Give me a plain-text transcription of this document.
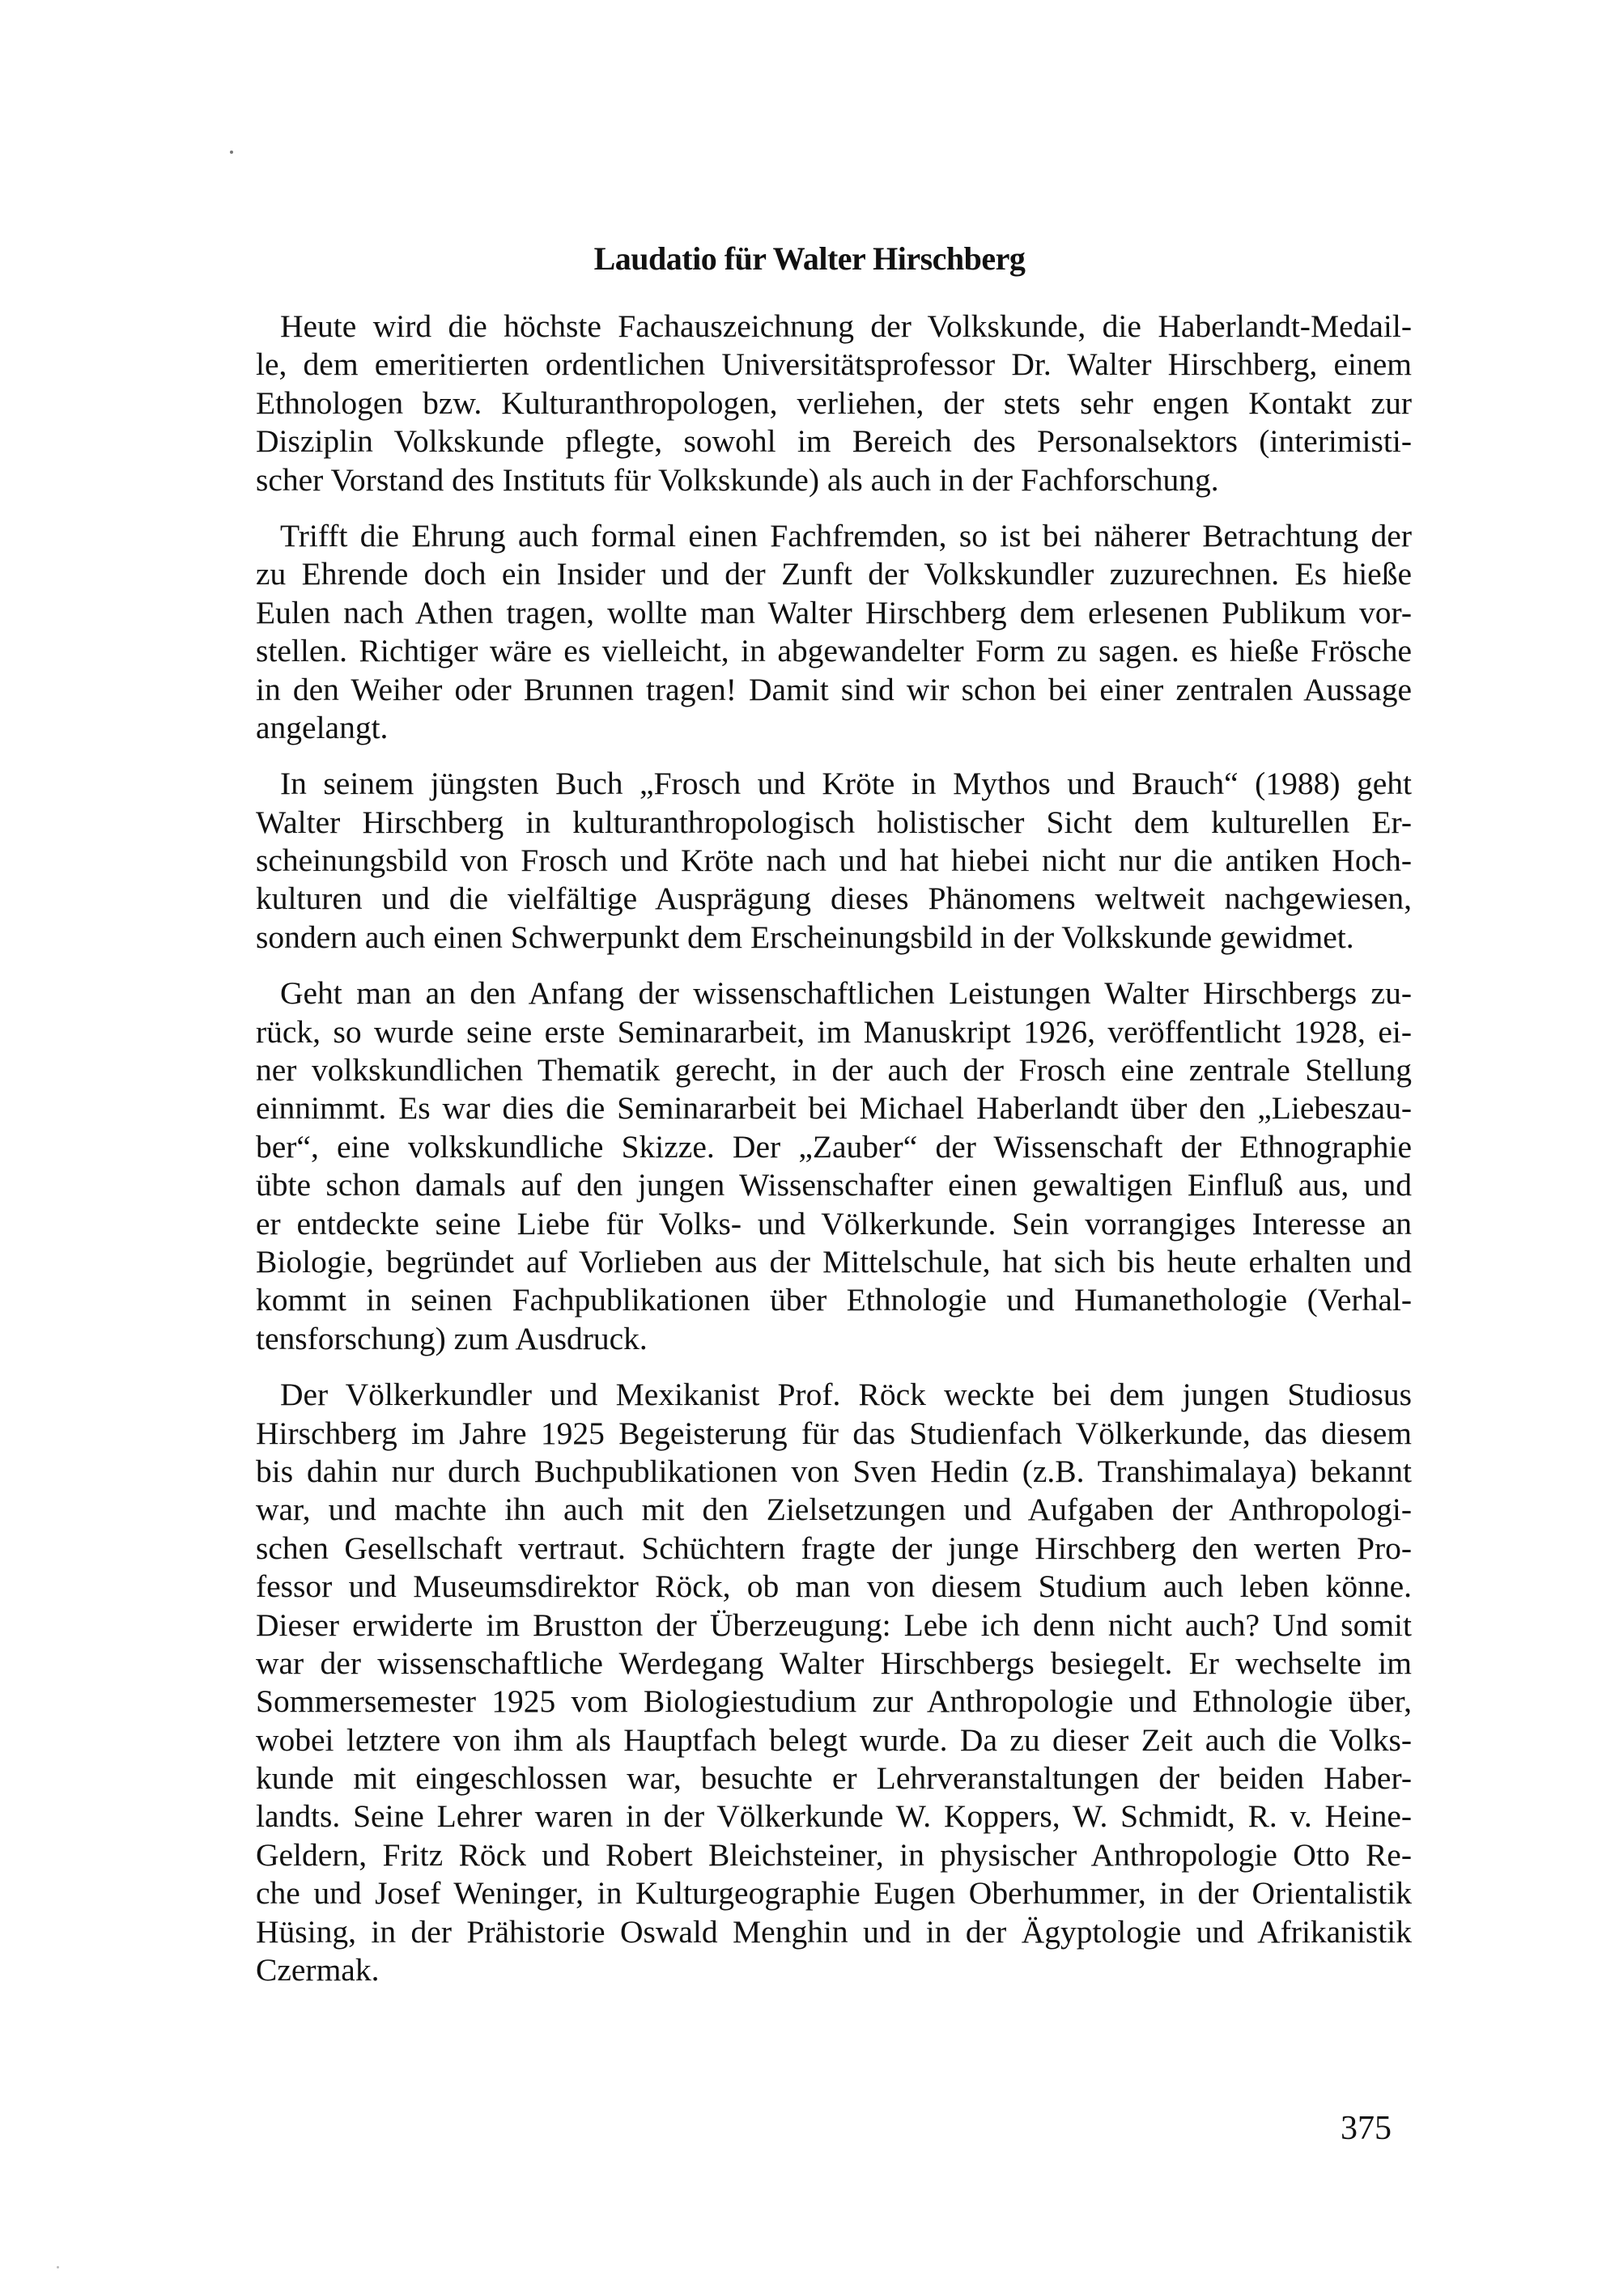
Laudatio für Walter Hirschberg
Heute wird die höchste Fachauszeichnung der Volkskunde, die Haberlandt-Medail-
le, dem emeritierten ordentlichen Universitätsprofessor Dr. Walter Hirschberg, einem
Ethnologen bzw. Kulturanthropologen, verliehen, der stets sehr engen Kontakt zur
Disziplin Volkskunde pflegte, sowohl im Bereich des Personalsektors (interimisti-
scher Vorstand des Instituts für Volkskunde) als auch in der Fachforschung.
Trifft die Ehrung auch formal einen Fachfremden, so ist bei näherer Betrachtung der
zu Ehrende doch ein Insider und der Zunft der Volkskundler zuzurechnen. Es hieße
Eulen nach Athen tragen, wollte man Walter Hirschberg dem erlesenen Publikum vor-
stellen. Richtiger wäre es vielleicht, in abgewandelter Form zu sagen. es hieße Frösche
in den Weiher oder Brunnen tragen! Damit sind wir schon bei einer zentralen Aussage
angelangt.
In seinem jüngsten Buch „Frosch und Kröte in Mythos und Brauch“ (1988) geht
Walter Hirschberg in kulturanthropologisch holistischer Sicht dem kulturellen Er-
scheinungsbild von Frosch und Kröte nach und hat hiebei nicht nur die antiken Hoch-
kulturen und die vielfältige Ausprägung dieses Phänomens weltweit nachgewiesen,
sondern auch einen Schwerpunkt dem Erscheinungsbild in der Volkskunde gewidmet.
Geht man an den Anfang der wissenschaftlichen Leistungen Walter Hirschbergs zu-
rück, so wurde seine erste Seminararbeit, im Manuskript 1926, veröffentlicht 1928, ei-
ner volkskundlichen Thematik gerecht, in der auch der Frosch eine zentrale Stellung
einnimmt. Es war dies die Seminararbeit bei Michael Haberlandt über den „Liebeszau-
ber“, eine volkskundliche Skizze. Der „Zauber“ der Wissenschaft der Ethnographie
übte schon damals auf den jungen Wissenschafter einen gewaltigen Einfluß aus, und
er entdeckte seine Liebe für Volks- und Völkerkunde. Sein vorrangiges Interesse an
Biologie, begründet auf Vorlieben aus der Mittelschule, hat sich bis heute erhalten und
kommt in seinen Fachpublikationen über Ethnologie und Humanethologie (Verhal-
tensforschung) zum Ausdruck.
Der Völkerkundler und Mexikanist Prof. Röck weckte bei dem jungen Studiosus
Hirschberg im Jahre 1925 Begeisterung für das Studienfach Völkerkunde, das diesem
bis dahin nur durch Buchpublikationen von Sven Hedin (z.B. Transhimalaya) bekannt
war, und machte ihn auch mit den Zielsetzungen und Aufgaben der Anthropologi-
schen Gesellschaft vertraut. Schüchtern fragte der junge Hirschberg den werten Pro-
fessor und Museumsdirektor Röck, ob man von diesem Studium auch leben könne.
Dieser erwiderte im Brustton der Überzeugung: Lebe ich denn nicht auch? Und somit
war der wissenschaftliche Werdegang Walter Hirschbergs besiegelt. Er wechselte im
Sommersemester 1925 vom Biologiestudium zur Anthropologie und Ethnologie über,
wobei letztere von ihm als Hauptfach belegt wurde. Da zu dieser Zeit auch die Volks-
kunde mit eingeschlossen war, besuchte er Lehrveranstaltungen der beiden Haber-
landts. Seine Lehrer waren in der Völkerkunde W. Koppers, W. Schmidt, R. v. Heine-
Geldern, Fritz Röck und Robert Bleichsteiner, in physischer Anthropologie Otto Re-
che und Josef Weninger, in Kulturgeographie Eugen Oberhummer, in der Orientalistik
Hüsing, in der Prähistorie Oswald Menghin und in der Ägyptologie und Afrikanistik
Czermak.
375
